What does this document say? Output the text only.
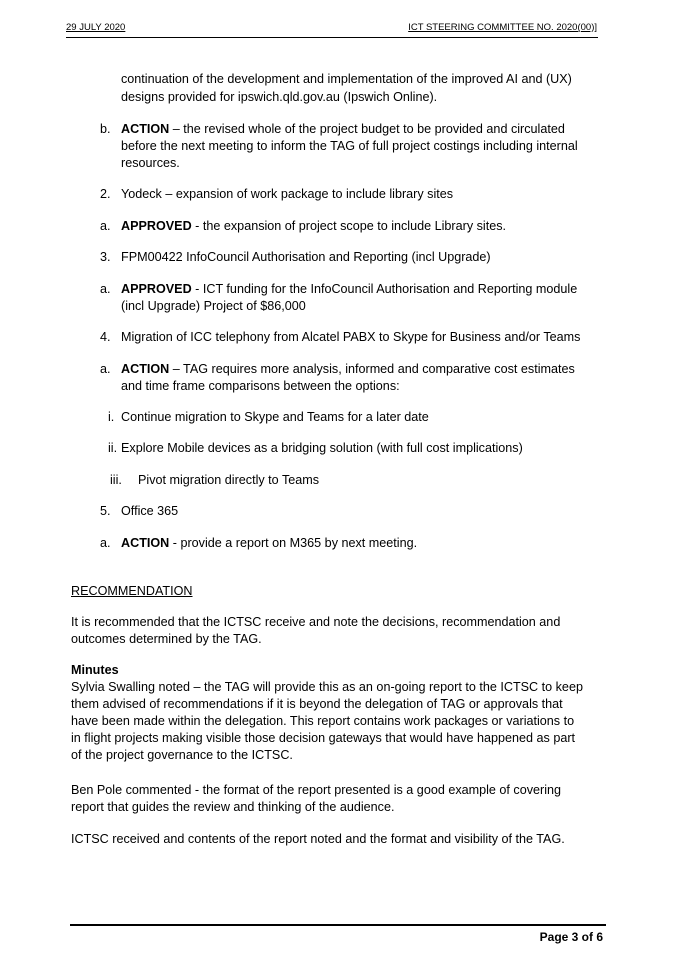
29 JULY 2020	ICT STEERING COMMITTEE NO. 2020(00)]
continuation of the development and implementation of the improved AI and (UX)
designs provided for ipswich.qld.gov.au (Ipswich Online).
b. ACTION – the revised whole of the project budget to be provided and circulated
before the next meeting to inform the TAG of full project costings including internal
resources.
2. Yodeck – expansion of work package to include library sites
a. APPROVED - the expansion of project scope to include Library sites.
3. FPM00422 InfoCouncil Authorisation and Reporting (incl Upgrade)
a. APPROVED - ICT funding for the InfoCouncil Authorisation and Reporting module
(incl Upgrade) Project of $86,000
4. Migration of ICC telephony from Alcatel PABX to Skype for Business and/or Teams
a. ACTION – TAG requires more analysis, informed and comparative cost estimates
and time frame comparisons between the options:
i. Continue migration to Skype and Teams for a later date
ii. Explore Mobile devices as a bridging solution (with full cost implications)
iii. Pivot migration directly to Teams
5. Office 365
a. ACTION - provide a report on M365 by next meeting.
RECOMMENDATION
It is recommended that the ICTSC receive and note the decisions, recommendation and
outcomes determined by the TAG.
Minutes
Sylvia Swalling noted – the TAG will provide this as an on-going report to the ICTSC to keep
them advised of recommendations if it is beyond the delegation of TAG or approvals that
have been made within the delegation. This report contains work packages or variations to
in flight projects making visible those decision gateways that would have happened as part
of the project governance to the ICTSC.
Ben Pole commented - the format of the report presented is a good example of covering
report that guides the review and thinking of the audience.
ICTSC received and contents of the report noted and the format and visibility of the TAG.
Page 3 of 6
